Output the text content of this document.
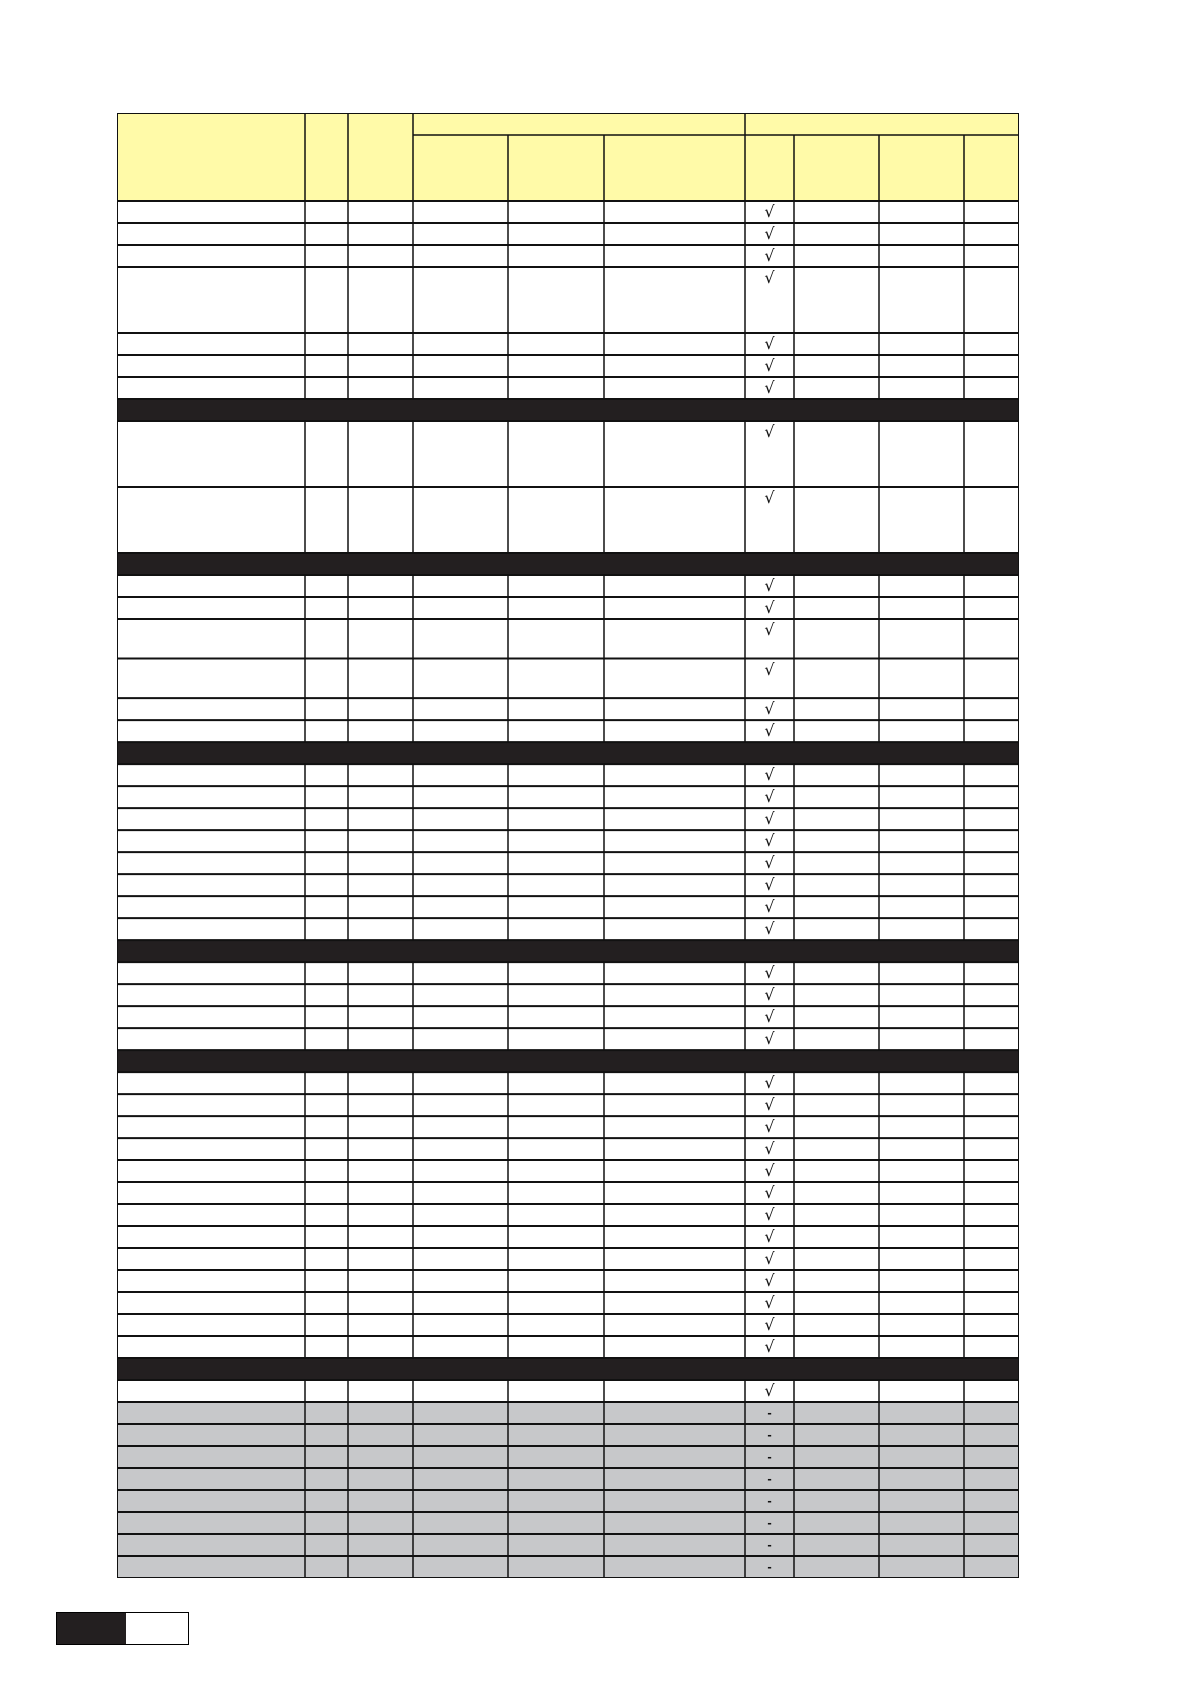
√
√
√
√
√
√
√
√
√
√
√
√
√
√
√
√
√
√
√
√
√
√
√
√
√
√
√
√
√
√
√
√
√
√
√
√
√
√
√
√
√
-
-
-
-
-
-
-
-
